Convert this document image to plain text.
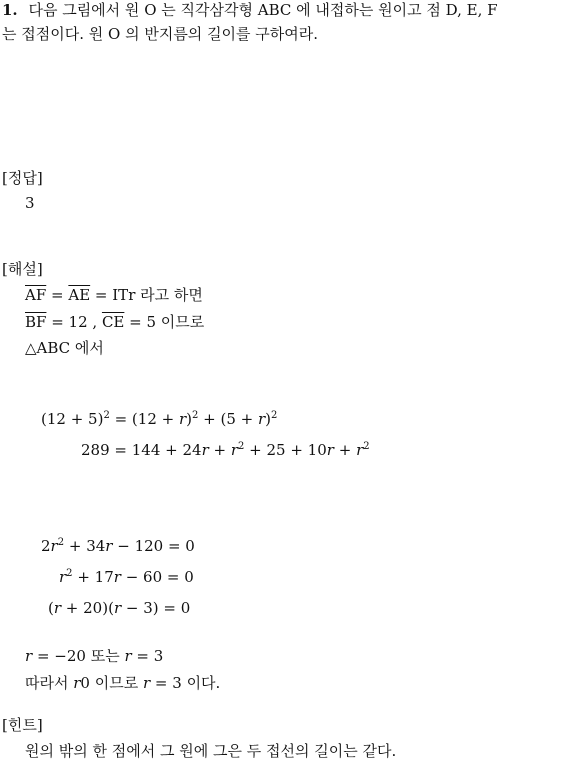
1. 다음 그림에서 원 O 는 직각삼각형 ABC 에 내접하는 원이고 점 D, E, F
는 접점이다. 원 O 의 반지름의 길이를 구하여라.
[정답]
3
[해설]
$\overline{AF} = \overline{AE}$ = ITr 라고 하면
$\overline{BF} = 12$ , $\overline{CE} = 5$ 이므로
△ABC 에서
$(12 + 5)^2 = (12 + r)^2 + (5 + r)^2$
$289 = 144 + 24r + r^2 + 25 + 10r + r^2$
$2r^2 + 34r - 120 = 0$
$r^2 + 17r - 60 = 0$
(r + 20)(r − 3) = 0
r = −20 또는 r = 3
따라서 r0 이므로 r = 3 이다.
[힌트]
원의 밖의 한 점에서 그 원에 그은 두 접선의 길이는 같다.
